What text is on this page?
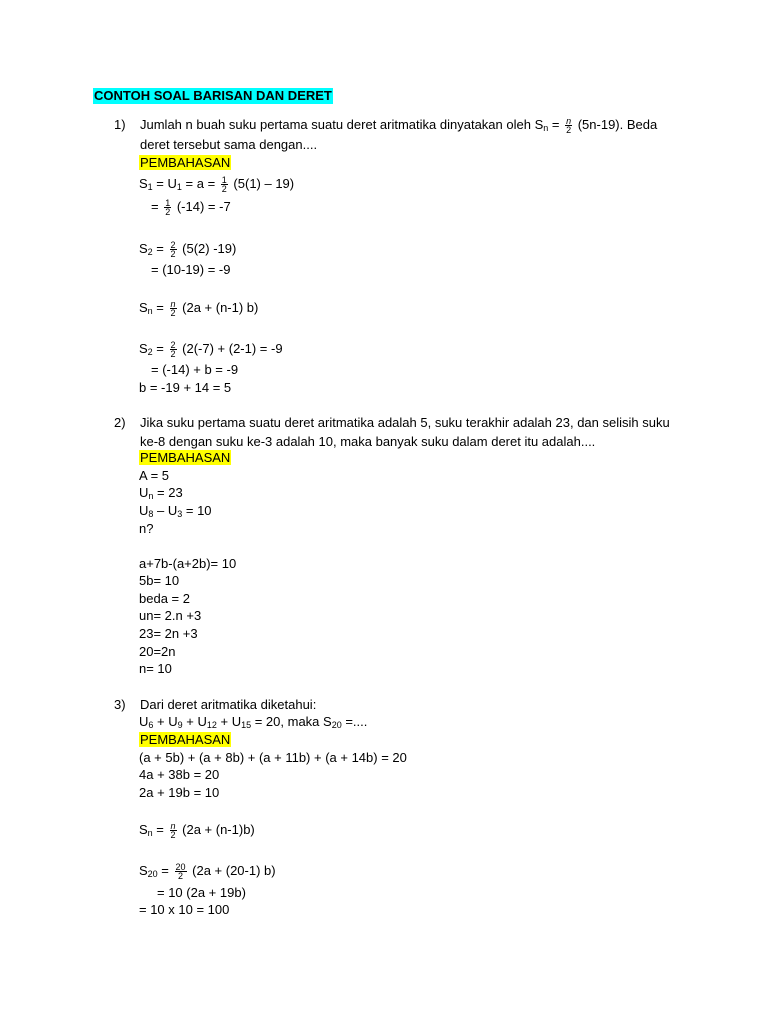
CONTOH SOAL BARISAN DAN DERET
1) Jumlah n buah suku pertama suatu deret aritmatika dinyatakan oleh $S_n = \frac{n}{2} (5n-19)$. Beda
deret tersebut sama dengan....
PEMBAHASAN
$S_1 = U_1 = a = \frac{1}{2} (5(1) - 19)$
= $\frac{1}{2} (-14) = -7$
$S_2 = \frac{2}{2} (5(2)$ -19)
= (10-19) = -9
$S_n = \frac{n}{2} (2a + (n-1)$ b)
$S_2 = \frac{2}{2} (2(-7) + (2-1) = -9$
= (-14) + b = -9
b = -19 + 14 = 5
2) Jika suku pertama suatu deret aritmatika adalah 5, suku terakhir adalah 23, dan selisih suku
ke-8 dengan suku ke-3 adalah 10, maka banyak suku dalam deret itu adalah....
PEMBAHASAN
A = 5
$U_n = 23$
$U_8 - U_3 = 10$
n?
a+7b-(a+2b)= 10
5b= 10
beda = 2
un= 2.n +3
23= 2n +3
20=2n
n= 10
3) Dari deret aritmatika diketahui:
$U_6 + U_9 + U_{12} + U_{15} = 20$, maka $S_{20}$ =....
PEMBAHASAN
(a + 5b) + (a + 8b) + (a + 11b) + (a + 14b) = 20
4a + 38b = 20
2a + 19b = 10
$S_n = \frac{n}{2} (2a + (n-1)b)$
$S_{20} = \frac{20}{2} (2a + (20-1)$ b)
= 10 (2a + 19b)
= 10 x 10 = 100
